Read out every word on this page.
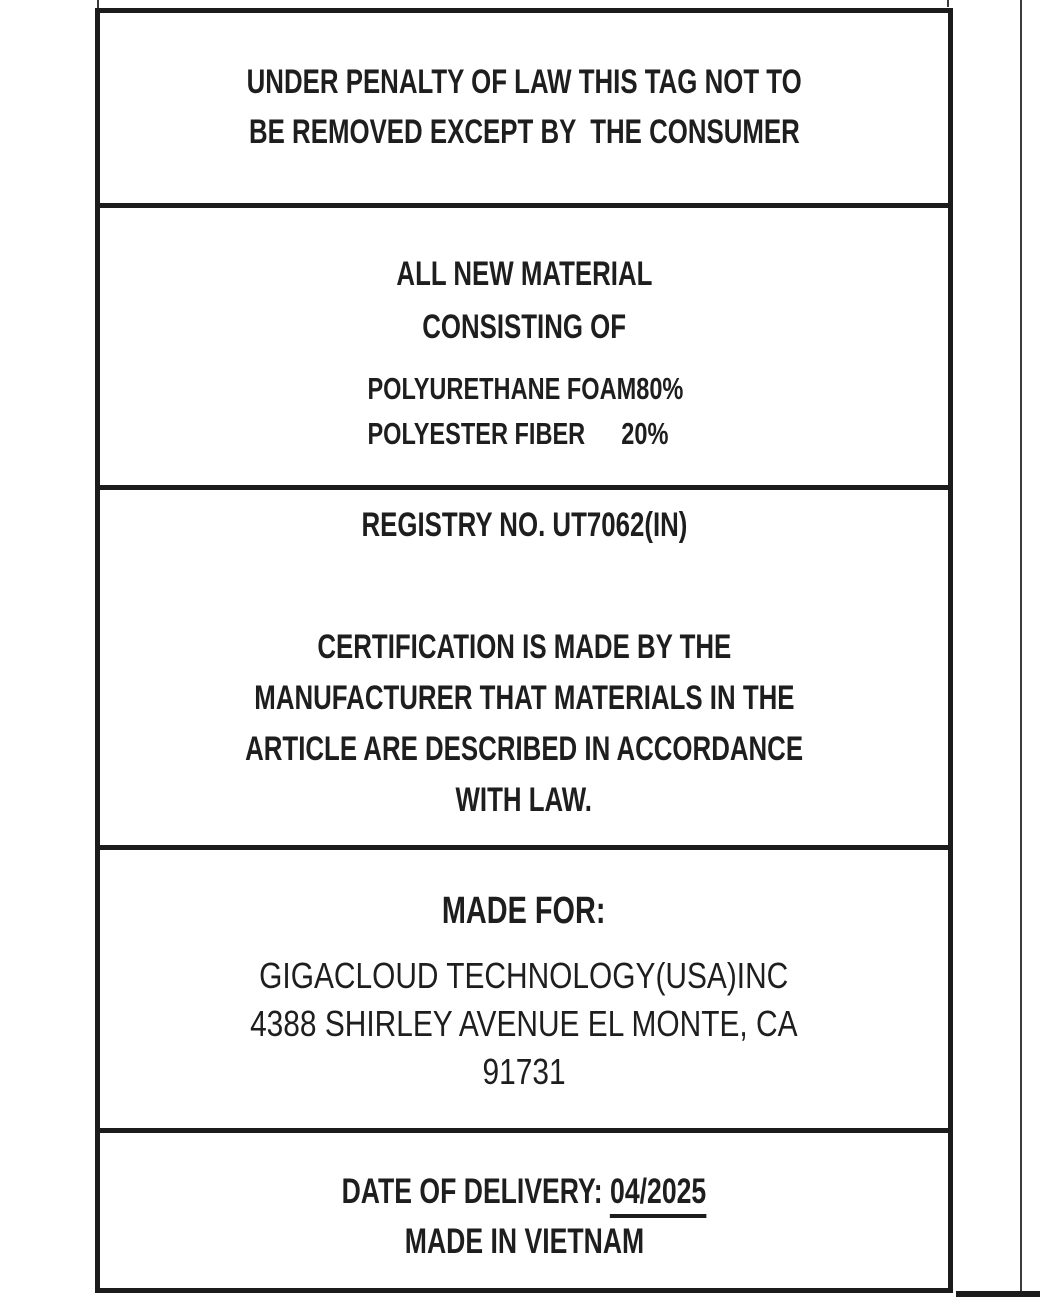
UNDER PENALTY OF LAW THIS TAG NOT TO
BE REMOVED EXCEPT BY  THE CONSUMER
ALL NEW MATERIAL
CONSISTING OF
POLYURETHANE FOAM 80%
POLYESTER FIBER	20%
REGISTRY NO. UT7062(IN)
CERTIFICATION IS MADE BY THE
MANUFACTURER THAT MATERIALS IN THE
ARTICLE ARE DESCRIBED IN ACCORDANCE
WITH LAW.
MADE FOR:
GIGACLOUD TECHNOLOGY(USA)INC
4388 SHIRLEY AVENUE EL MONTE, CA
91731
DATE OF DELIVERY: 04/2025
MADE IN VIETNAM
